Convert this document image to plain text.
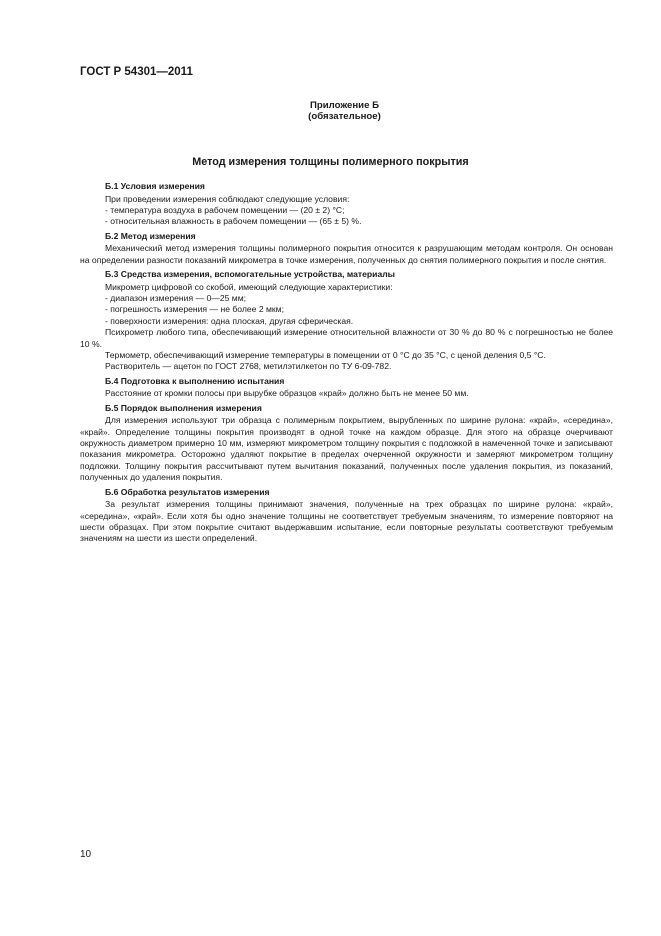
ГОСТ Р 54301—2011
Приложение Б
(обязательное)
Метод измерения толщины полимерного покрытия
Б.1 Условия измерения

При проведении измерения соблюдают следующие условия:

- температура воздуха в рабочем помещении — (20 ± 2) °С;

- относительная влажность в рабочем помещении — (65 ± 5) %.

Б.2 Метод измерения

Механический метод измерения толщины полимерного покрытия относится к разрушающим методам контроля. Он основан на определении разности показаний микрометра в точке измерения, полученных до снятия полимерного покрытия и после снятия.

Б.3 Средства измерения, вспомогательные устройства, материалы

Микрометр цифровой со скобой, имеющий следующие характеристики:

- диапазон измерения — 0—25 мм;

- погрешность измерения — не более 2 мкм;

- поверхности измерения: одна плоская, другая сферическая.

Психрометр любого типа, обеспечивающий измерение относительной влажности от 30 % до 80 % с погрешностью не более 10 %.

Термометр, обеспечивающий измерение температуры в помещении от 0 °С до 35 °С, с ценой деления 0,5 °С.

Растворитель — ацетон по ГОСТ 2768, метилэтилкетон по ТУ 6-09-782.

Б.4 Подготовка к выполнению испытания

Расстояние от кромки полосы при вырубке образцов «край» должно быть не менее 50 мм.

Б.5 Порядок выполнения измерения

Для измерения используют три образца с полимерным покрытием, вырубленных по ширине рулона: «край», «середина», «край». Определение толщины покрытия производят в одной точке на каждом образце. Для этого на образце очерчивают окружность диаметром примерно 10 мм, измеряют микрометром толщину покрытия с подложкой в намеченной точке и записывают показания микрометра. Осторожно удаляют покрытие в пределах очерченной окружности и замеряют микрометром толщину подложки. Толщину покрытия рассчитывают путем вычитания показаний, полученных после удаления покрытия, из показаний, полученных до удаления покрытия.

Б.6 Обработка результатов измерения

За результат измерения толщины принимают значения, полученные на трех образцах по ширине рулона: «край», «середина», «край». Если хотя бы одно значение толщины не соответствует требуемым значениям, то измерение повторяют на шести образцах. При этом покрытие считают выдержавшим испытание, если повторные результаты соответствуют требуемым значениям на шести из шести определений.

10
